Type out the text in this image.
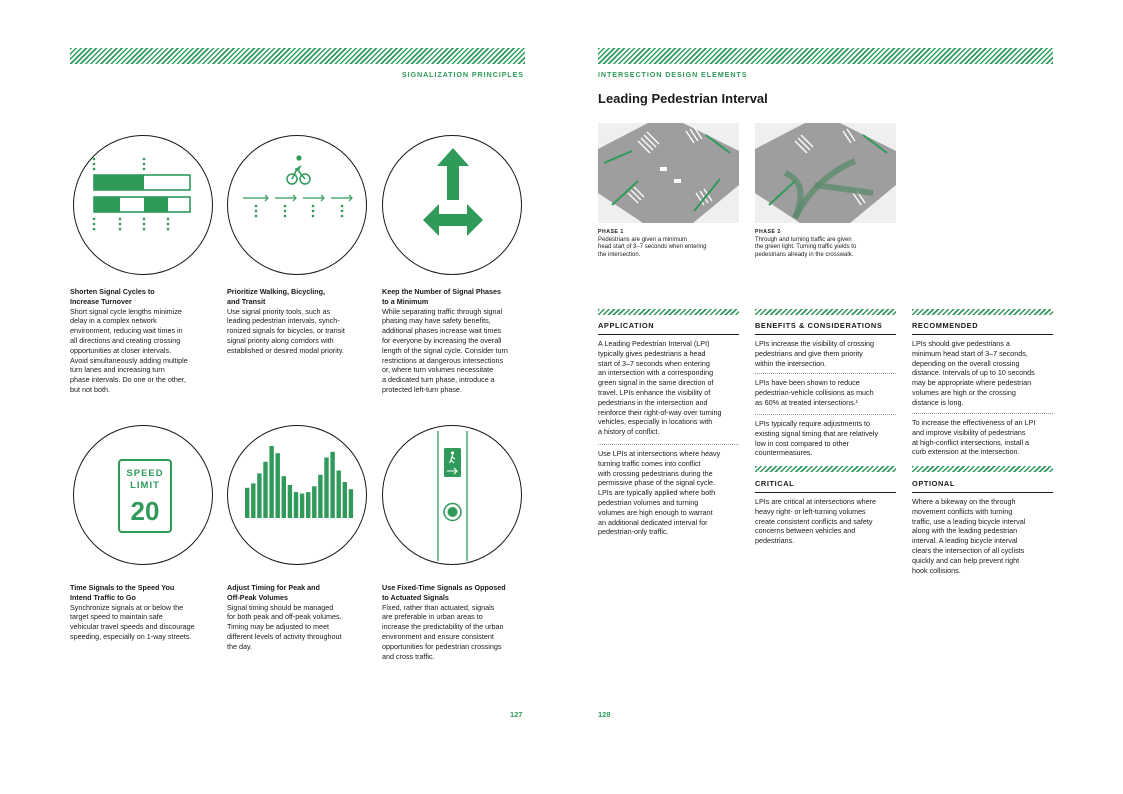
SIGNALIZATION PRINCIPLES

Shorten Signal Cycles to
Increase Turnover

Short signal cycle lengths minimize
delay in a complex network
environment, reducing wait times in
all directions and creating crossing
opportunities at closer intervals.
Avoid simultaneously adding multiple
turn lanes and increasing turn
phase intervals. Do one or the other,
but not both.

Prioritize Walking, Bicycling,
and Transit

Use signal priority tools, such as
leading pedestrian intervals, synch-
ronized signals for bicycles, or transit
signal priority along corridors with
established or desired modal priority.

Keep the Number of Signal Phases
to a Minimum

While separating traffic through signal
phasing may have safety benefits,
additional phases increase wait times
for everyone by increasing the overall
length of the signal cycle. Consider turn
restrictions at dangerous intersections
or, where turn volumes necessitate
a dedicated turn phase, introduce a
protected left-turn phase.

SPEED
LIMIT
20

Time Signals to the Speed You
Intend Traffic to Go

Synchronize signals at or below the
target speed to maintain safe
vehicular travel speeds and discourage
speeding, especially on 1-way streets.

Adjust Timing for Peak and
Off-Peak Volumes

Signal timing should be managed
for both peak and off-peak volumes.
Timing may be adjusted to meet
different levels of activity throughout
the day.

Use Fixed-Time Signals as Opposed
to Actuated Signals

Fixed, rather than actuated, signals
are preferable in urban areas to
increase the predictability of the urban
environment and ensure consistent
opportunities for pedestrian crossings
and cross traffic.

127
INTERSECTION DESIGN ELEMENTS
Leading Pedestrian Interval

PHASE 1

Pedestrians are given a minimum
head start of 3–7 seconds when entering
the intersection.

PHASE 2

Through and turning traffic are given
the green light. Turning traffic yields to
pedestrians already in the crosswalk.

APPLICATION
A Leading Pedestrian Interval (LPI)
typically gives pedestrians a head
start of 3–7 seconds when entering
an intersection with a corresponding
green signal in the same direction of
travel. LPIs enhance the visibility of
pedestrians in the intersection and
reinforce their right-of-way over turning
vehicles, especially in locations with
a history of conflict.
Use LPIs at intersections where heavy
turning traffic comes into conflict
with crossing pedestrians during the
permissive phase of the signal cycle.
LPIs are typically applied where both
pedestrian volumes and turning
volumes are high enough to warrant
an additional dedicated interval for
pedestrian-only traffic.
BENEFITS & CONSIDERATIONS
LPIs increase the visibility of crossing
pedestrians and give them priority
within the intersection.
LPIs have been shown to reduce
pedestrian-vehicle collisions as much
as 60% at treated intersections.¹
LPIs typically require adjustments to
existing signal timing that are relatively
low in cost compared to other
countermeasures.
CRITICAL
LPIs are critical at intersections where
heavy right- or left-turning volumes
create consistent conflicts and safety
concerns between vehicles and
pedestrians.
RECOMMENDED
LPIs should give pedestrians a
minimum head start of 3–7 seconds,
depending on the overall crossing
distance. Intervals of up to 10 seconds
may be appropriate where pedestrian
volumes are high or the crossing
distance is long.
To increase the effectiveness of an LPI
and improve visibility of pedestrians
at high-conflict intersections, install a
curb extension at the intersection.
OPTIONAL
Where a bikeway on the through
movement conflicts with turning
traffic, use a leading bicycle interval
along with the leading pedestrian
interval. A leading bicycle interval
clears the intersection of all cyclists
quickly and can help prevent right
hook collisions.
128
